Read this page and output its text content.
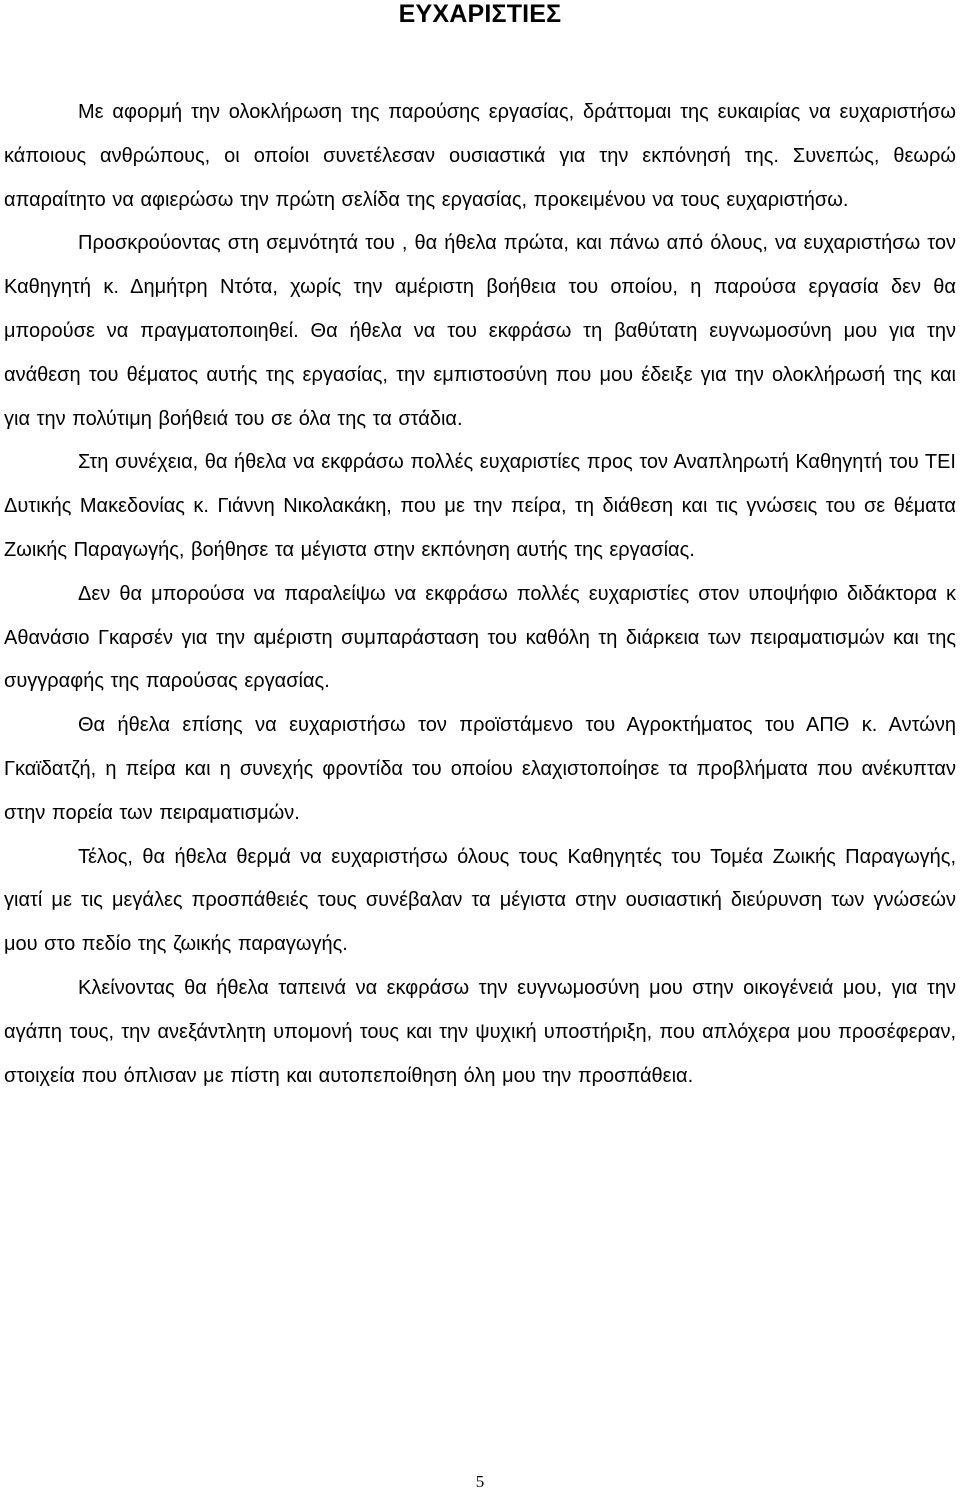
ΕΥΧΑΡΙΣΤΙΕΣ

Με αφορμή την ολοκλήρωση της παρούσης εργασίας, δράττομαι της ευκαιρίας να ευχαριστήσω κάποιους ανθρώπους, οι οποίοι συνετέλεσαν ουσιαστικά για την εκπόνησή της. Συνεπώς, θεωρώ απαραίτητο να αφιερώσω την πρώτη σελίδα της εργασίας, προκειμένου να τους ευχαριστήσω.

Προσκρούοντας στη σεμνότητά του , θα ήθελα πρώτα, και πάνω από όλους, να ευχαριστήσω τον Καθηγητή κ. Δημήτρη Ντότα, χωρίς την αμέριστη βοήθεια του οποίου, η παρούσα εργασία δεν θα μπορούσε να πραγματοποιηθεί. Θα ήθελα να του εκφράσω τη βαθύτατη ευγνωμοσύνη μου για την ανάθεση του θέματος αυτής της εργασίας, την εμπιστοσύνη που μου έδειξε για την ολοκλήρωσή της και για την πολύτιμη βοήθειά του σε όλα της τα στάδια.

Στη συνέχεια, θα ήθελα να εκφράσω πολλές ευχαριστίες προς τον Αναπληρωτή Καθηγητή του ΤΕΙ Δυτικής Μακεδονίας κ. Γιάννη Νικολακάκη, που με την πείρα, τη διάθεση και τις γνώσεις του σε θέματα Ζωικής Παραγωγής, βοήθησε τα μέγιστα στην εκπόνηση αυτής της εργασίας.

Δεν θα μπορούσα να παραλείψω να εκφράσω πολλές ευχαριστίες στον υποψήφιο διδάκτορα κ Αθανάσιο Γκαρσέν για την αμέριστη συμπαράσταση του καθόλη τη διάρκεια των πειραματισμών και της συγγραφής της παρούσας εργασίας.

Θα ήθελα επίσης να ευχαριστήσω τον προϊστάμενο του Αγροκτήματος του ΑΠΘ κ. Αντώνη Γκαϊδατζή, η πείρα και η συνεχής φροντίδα του οποίου ελαχιστοποίησε τα προβλήματα που ανέκυπταν στην πορεία των πειραματισμών.

Τέλος, θα ήθελα θερμά να ευχαριστήσω όλους τους Καθηγητές του Τομέα Ζωικής Παραγωγής, γιατί με τις μεγάλες προσπάθειές τους συνέβαλαν τα μέγιστα στην ουσιαστική διεύρυνση των γνώσεών μου στο πεδίο της ζωικής παραγωγής.

Κλείνοντας θα ήθελα ταπεινά να εκφράσω την ευγνωμοσύνη μου στην οικογένειά μου, για την αγάπη τους, την ανεξάντλητη υπομονή τους και την ψυχική υποστήριξη, που απλόχερα μου προσέφεραν, στοιχεία που όπλισαν με πίστη και αυτοπεποίθηση όλη μου την προσπάθεια.

5
